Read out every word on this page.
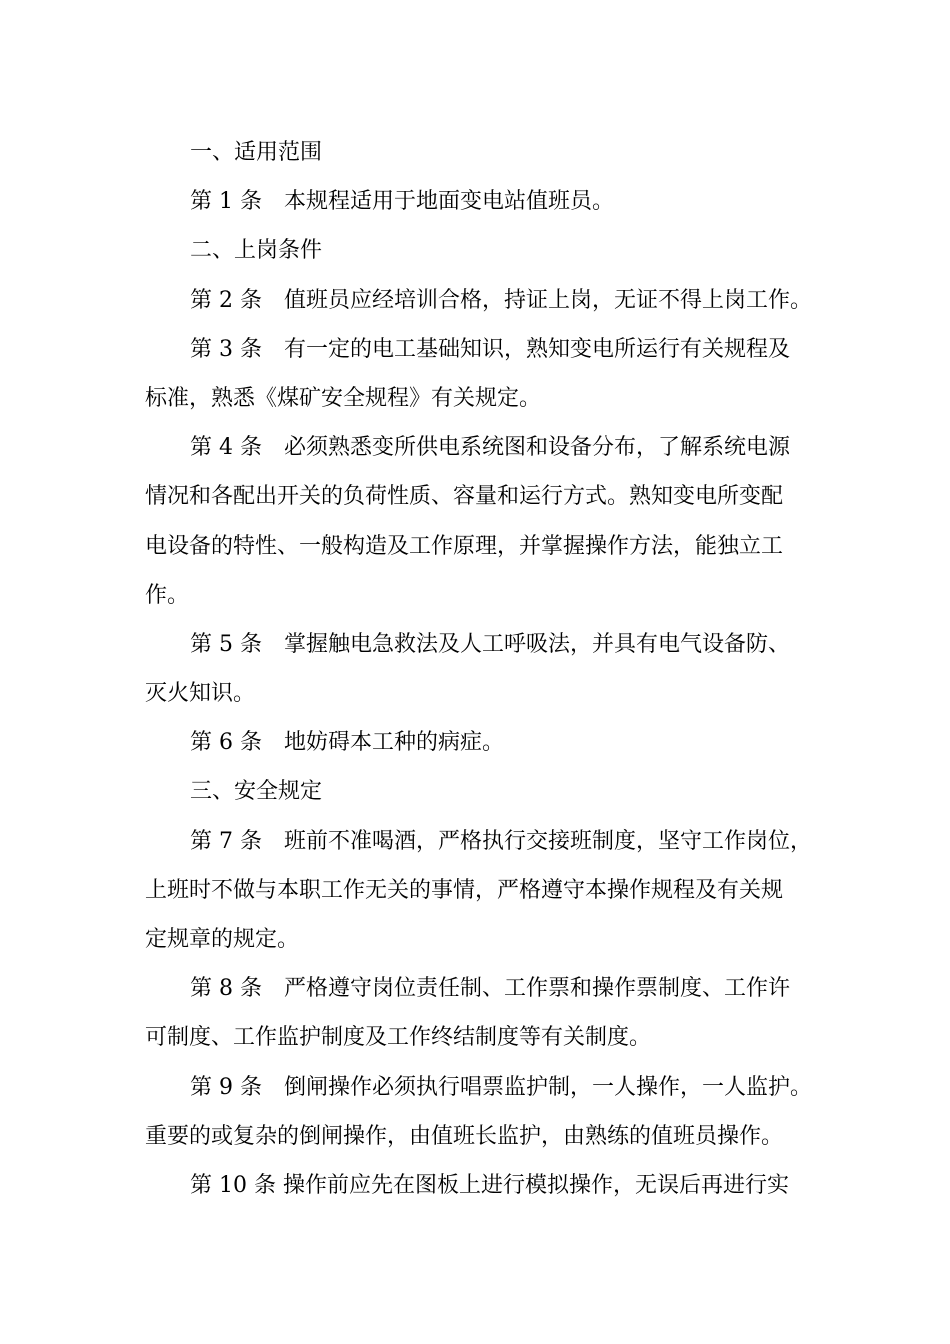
一、适用范围
第 1 条　本规程适用于地面变电站值班员。
二、上岗条件
第 2 条　值班员应经培训合格，持证上岗，无证不得上岗工作。
第 3 条　有一定的电工基础知识，熟知变电所运行有关规程及
标准，熟悉《煤矿安全规程》有关规定。
第 4 条　必须熟悉变所供电系统图和设备分布，了解系统电源
情况和各配出开关的负荷性质、容量和运行方式。熟知变电所变配
电设备的特性、一般构造及工作原理，并掌握操作方法，能独立工
作。
第 5 条　掌握触电急救法及人工呼吸法，并具有电气设备防、
灭火知识。
第 6 条　地妨碍本工种的病症。
三、安全规定
第 7 条　班前不准喝酒，严格执行交接班制度，坚守工作岗位，
上班时不做与本职工作无关的事情，严格遵守本操作规程及有关规
定规章的规定。
第 8 条　严格遵守岗位责任制、工作票和操作票制度、工作许
可制度、工作监护制度及工作终结制度等有关制度。
第 9 条　倒闸操作必须执行唱票监护制，一人操作，一人监护。
重要的或复杂的倒闸操作，由值班长监护，由熟练的值班员操作。
第 10 条 操作前应先在图板上进行模拟操作，无误后再进行实
